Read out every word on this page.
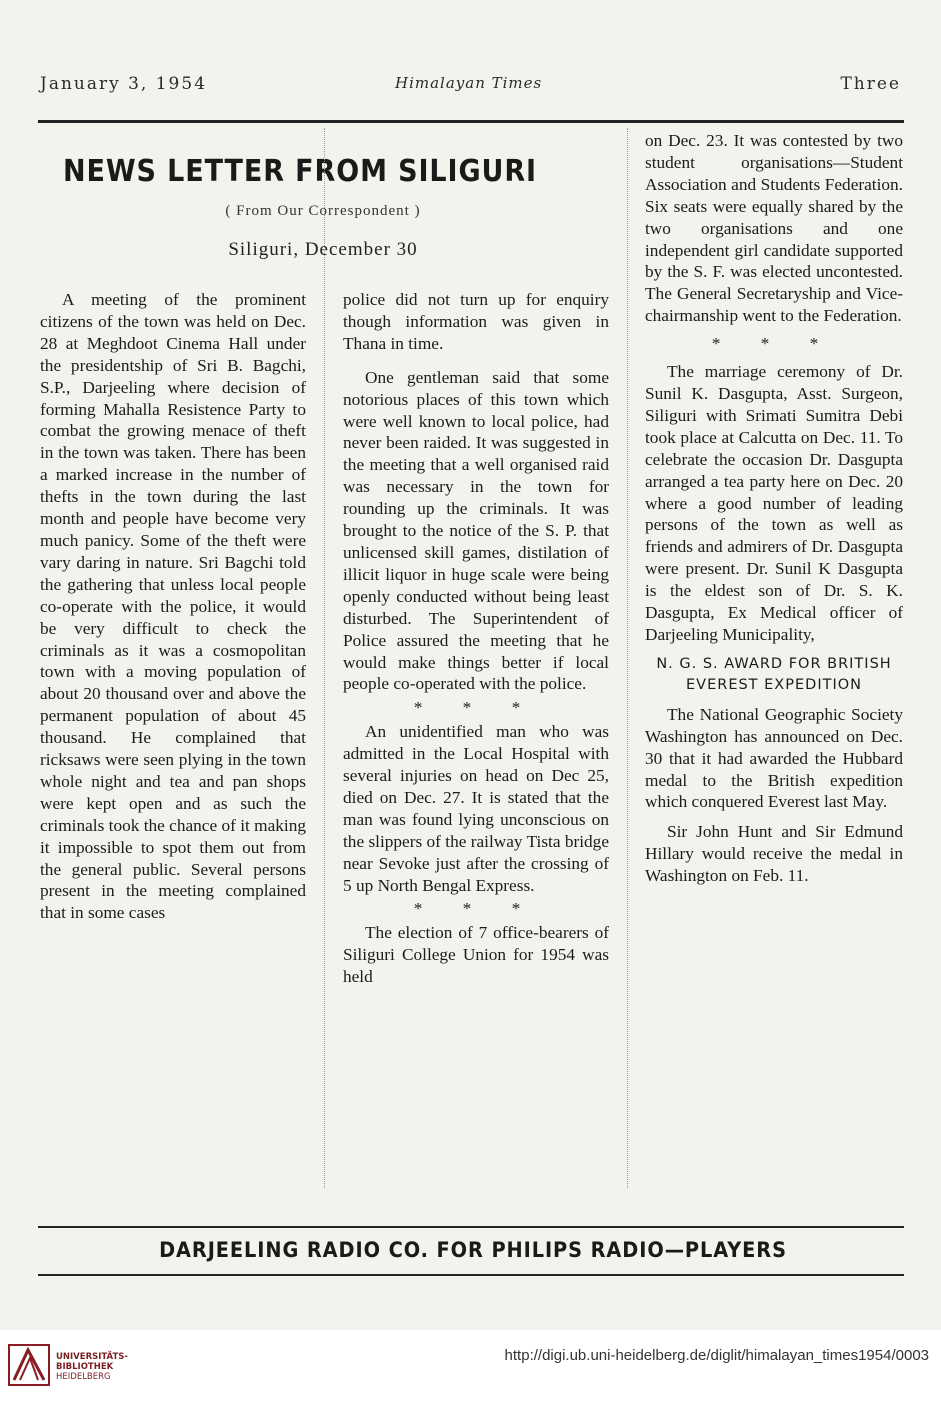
January 3, 1954	Himalayan Times	Three
NEWS LETTER FROM SILIGURI
( From Our Correspondent )
Siliguri, December 30

A meeting of the prominent citizens of the town was held on Dec. 28 at Meghdoot Cinema Hall under the presidentship of Sri B. Bagchi, S.P., Darjeeling where decision of forming Mahalla Resistence Party to combat the growing menace of theft in the town was taken. There has been a marked increase in the number of thefts in the town during the last month and people have become very much panicy. Some of the theft were vary daring in nature. Sri Bagchi told the gathering that unless local people co-operate with the police, it would be very difficult to check the criminals as it was a cosmopolitan town with a moving population of about 20 thousand over and above the permanent population of about 45 thousand. He complained that ricksaws were seen plying in the town whole night and tea and pan shops were kept open and as such the criminals took the chance of it making it impossible to spot them out from the general public. Several persons present in the meeting complained that in some cases

police did not turn up for enquiry though information was given in Thana in time.

One gentleman said that some notorious places of this town which were well known to local police, had never been raided. It was suggested in the meeting that a well organised raid was necessary in the town for rounding up the criminals. It was brought to the notice of the S. P. that unlicensed skill games, distilation of illicit liquor in huge scale were being openly conducted without being least disturbed. The Superintendent of Police assured the meeting that he would make things better if local people co-operated with the police.

* * *

An unidentified man who was admitted in the Local Hospital with several injuries on head on Dec 25, died on Dec. 27. It is stated that the man was found lying unconscious on the slippers of the railway Tista bridge near Sevoke just after the crossing of 5 up North Bengal Express.

* * *

The election of 7 office-bearers of Siliguri College Union for 1954 was held

on Dec. 23. It was contested by two student organisations—Student Association and Students Federation. Six seats were equally shared by the two organisations and one independent girl candidate supported by the S. F. was elected uncontested. The General Secretaryship and Vice-chairmanship went to the Federation.

* * *

The marriage ceremony of Dr. Sunil K. Dasgupta, Asst. Surgeon, Siliguri with Srimati Sumitra Debi took place at Calcutta on Dec. 11. To celebrate the occasion Dr. Dasgupta arranged a tea party here on Dec. 20 where a good number of leading persons of the town as well as friends and admirers of Dr. Dasgupta were present. Dr. Sunil K Dasgupta is the eldest son of Dr. S. K. Dasgupta, Ex Medical officer of Darjeeling Municipality,

N. G. S. AWARD FOR BRITISH EVEREST EXPEDITION

The National Geographic Society Washington has announced on Dec. 30 that it had awarded the Hubbard medal to the British expedition which conquered Everest last May.

Sir John Hunt and Sir Edmund Hillary would receive the medal in Washington on Feb. 11.

DARJEELING RADIO CO. FOR PHILIPS RADIO—PLAYERS
UNIVERSITÄTS-
BIBLIOTHEK
HEIDELBERG
http://digi.ub.uni-heidelberg.de/diglit/himalayan_times1954/0003
